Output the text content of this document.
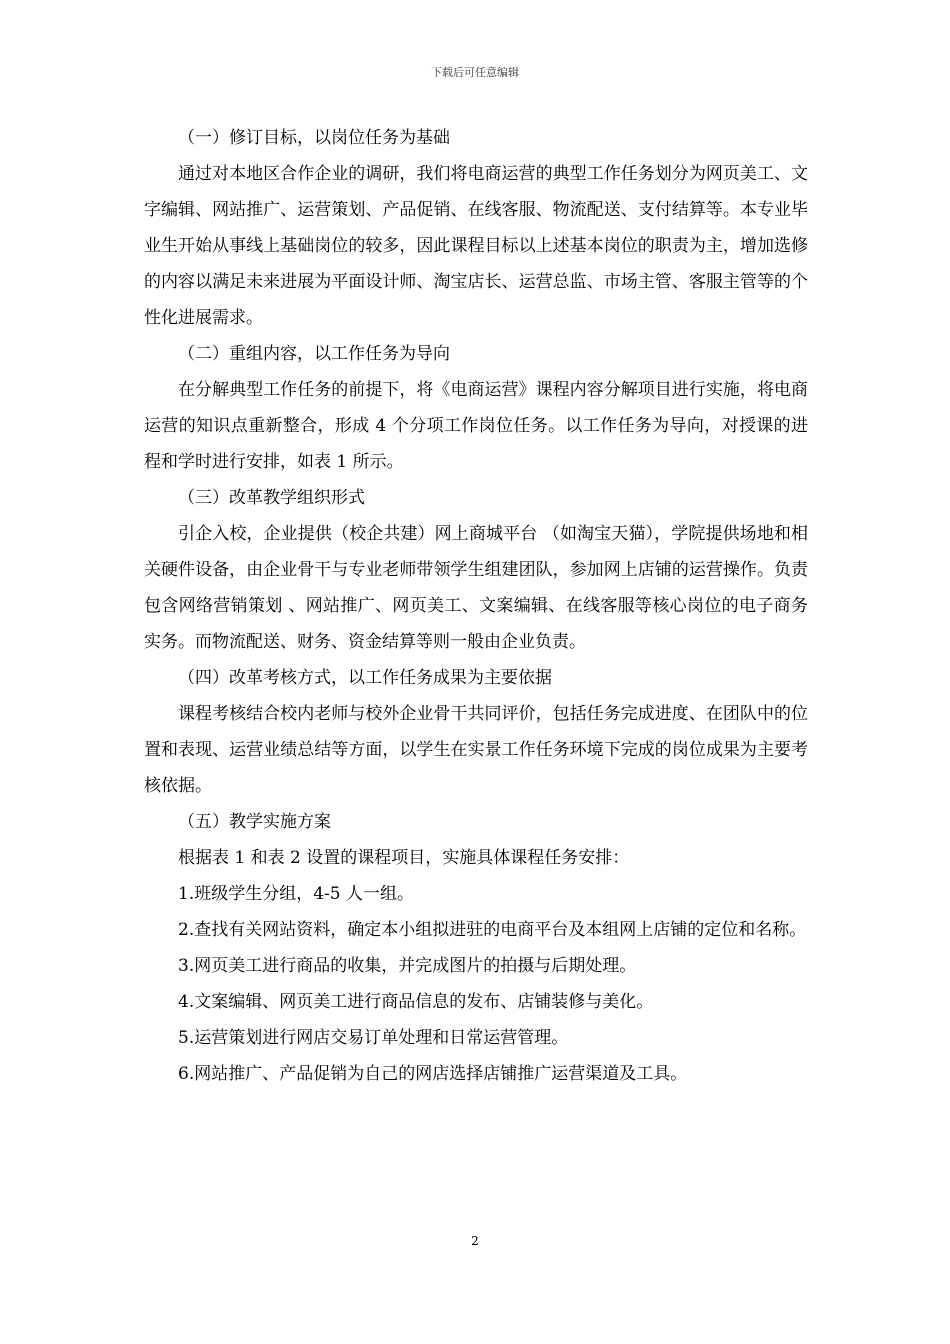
下载后可任意编辑

（一）修订目标，以岗位任务为基础

通过对本地区合作企业的调研，我们将电商运营的典型工作任务划分为网页美工、文字编辑、网站推广、运营策划、产品促销、在线客服、物流配送、支付结算等。本专业毕业生开始从事线上基础岗位的较多，因此课程目标以上述基本岗位的职责为主，增加选修的内容以满足未来进展为平面设计师、淘宝店长、运营总监、市场主管、客服主管等的个性化进展需求。

（二）重组内容，以工作任务为导向

在分解典型工作任务的前提下，将《电商运营》课程内容分解项目进行实施，将电商运营的知识点重新整合，形成 4 个分项工作岗位任务。以工作任务为导向，对授课的进程和学时进行安排，如表 1 所示。

（三）改革教学组织形式

引企入校，企业提供（校企共建）网上商城平台 （如淘宝天猫），学院提供场地和相关硬件设备，由企业骨干与专业老师带领学生组建团队，参加网上店铺的运营操作。负责包含网络营销策划 、网站推广、网页美工、文案编辑、在线客服等核心岗位的电子商务实务。而物流配送、财务、资金结算等则一般由企业负责。

（四）改革考核方式，以工作任务成果为主要依据

课程考核结合校内老师与校外企业骨干共同评价，包括任务完成进度、在团队中的位置和表现、运营业绩总结等方面，以学生在实景工作任务环境下完成的岗位成果为主要考核依据。

（五）教学实施方案

根据表 1 和表 2 设置的课程项目，实施具体课程任务安排：

1.班级学生分组，4-5 人一组。

2.查找有关网站资料，确定本小组拟进驻的电商平台及本组网上店铺的定位和名称。

3.网页美工进行商品的收集，并完成图片的拍摄与后期处理。

4.文案编辑、网页美工进行商品信息的发布、店铺装修与美化。

5.运营策划进行网店交易订单处理和日常运营管理。

6.网站推广、产品促销为自己的网店选择店铺推广运营渠道及工具。

2
